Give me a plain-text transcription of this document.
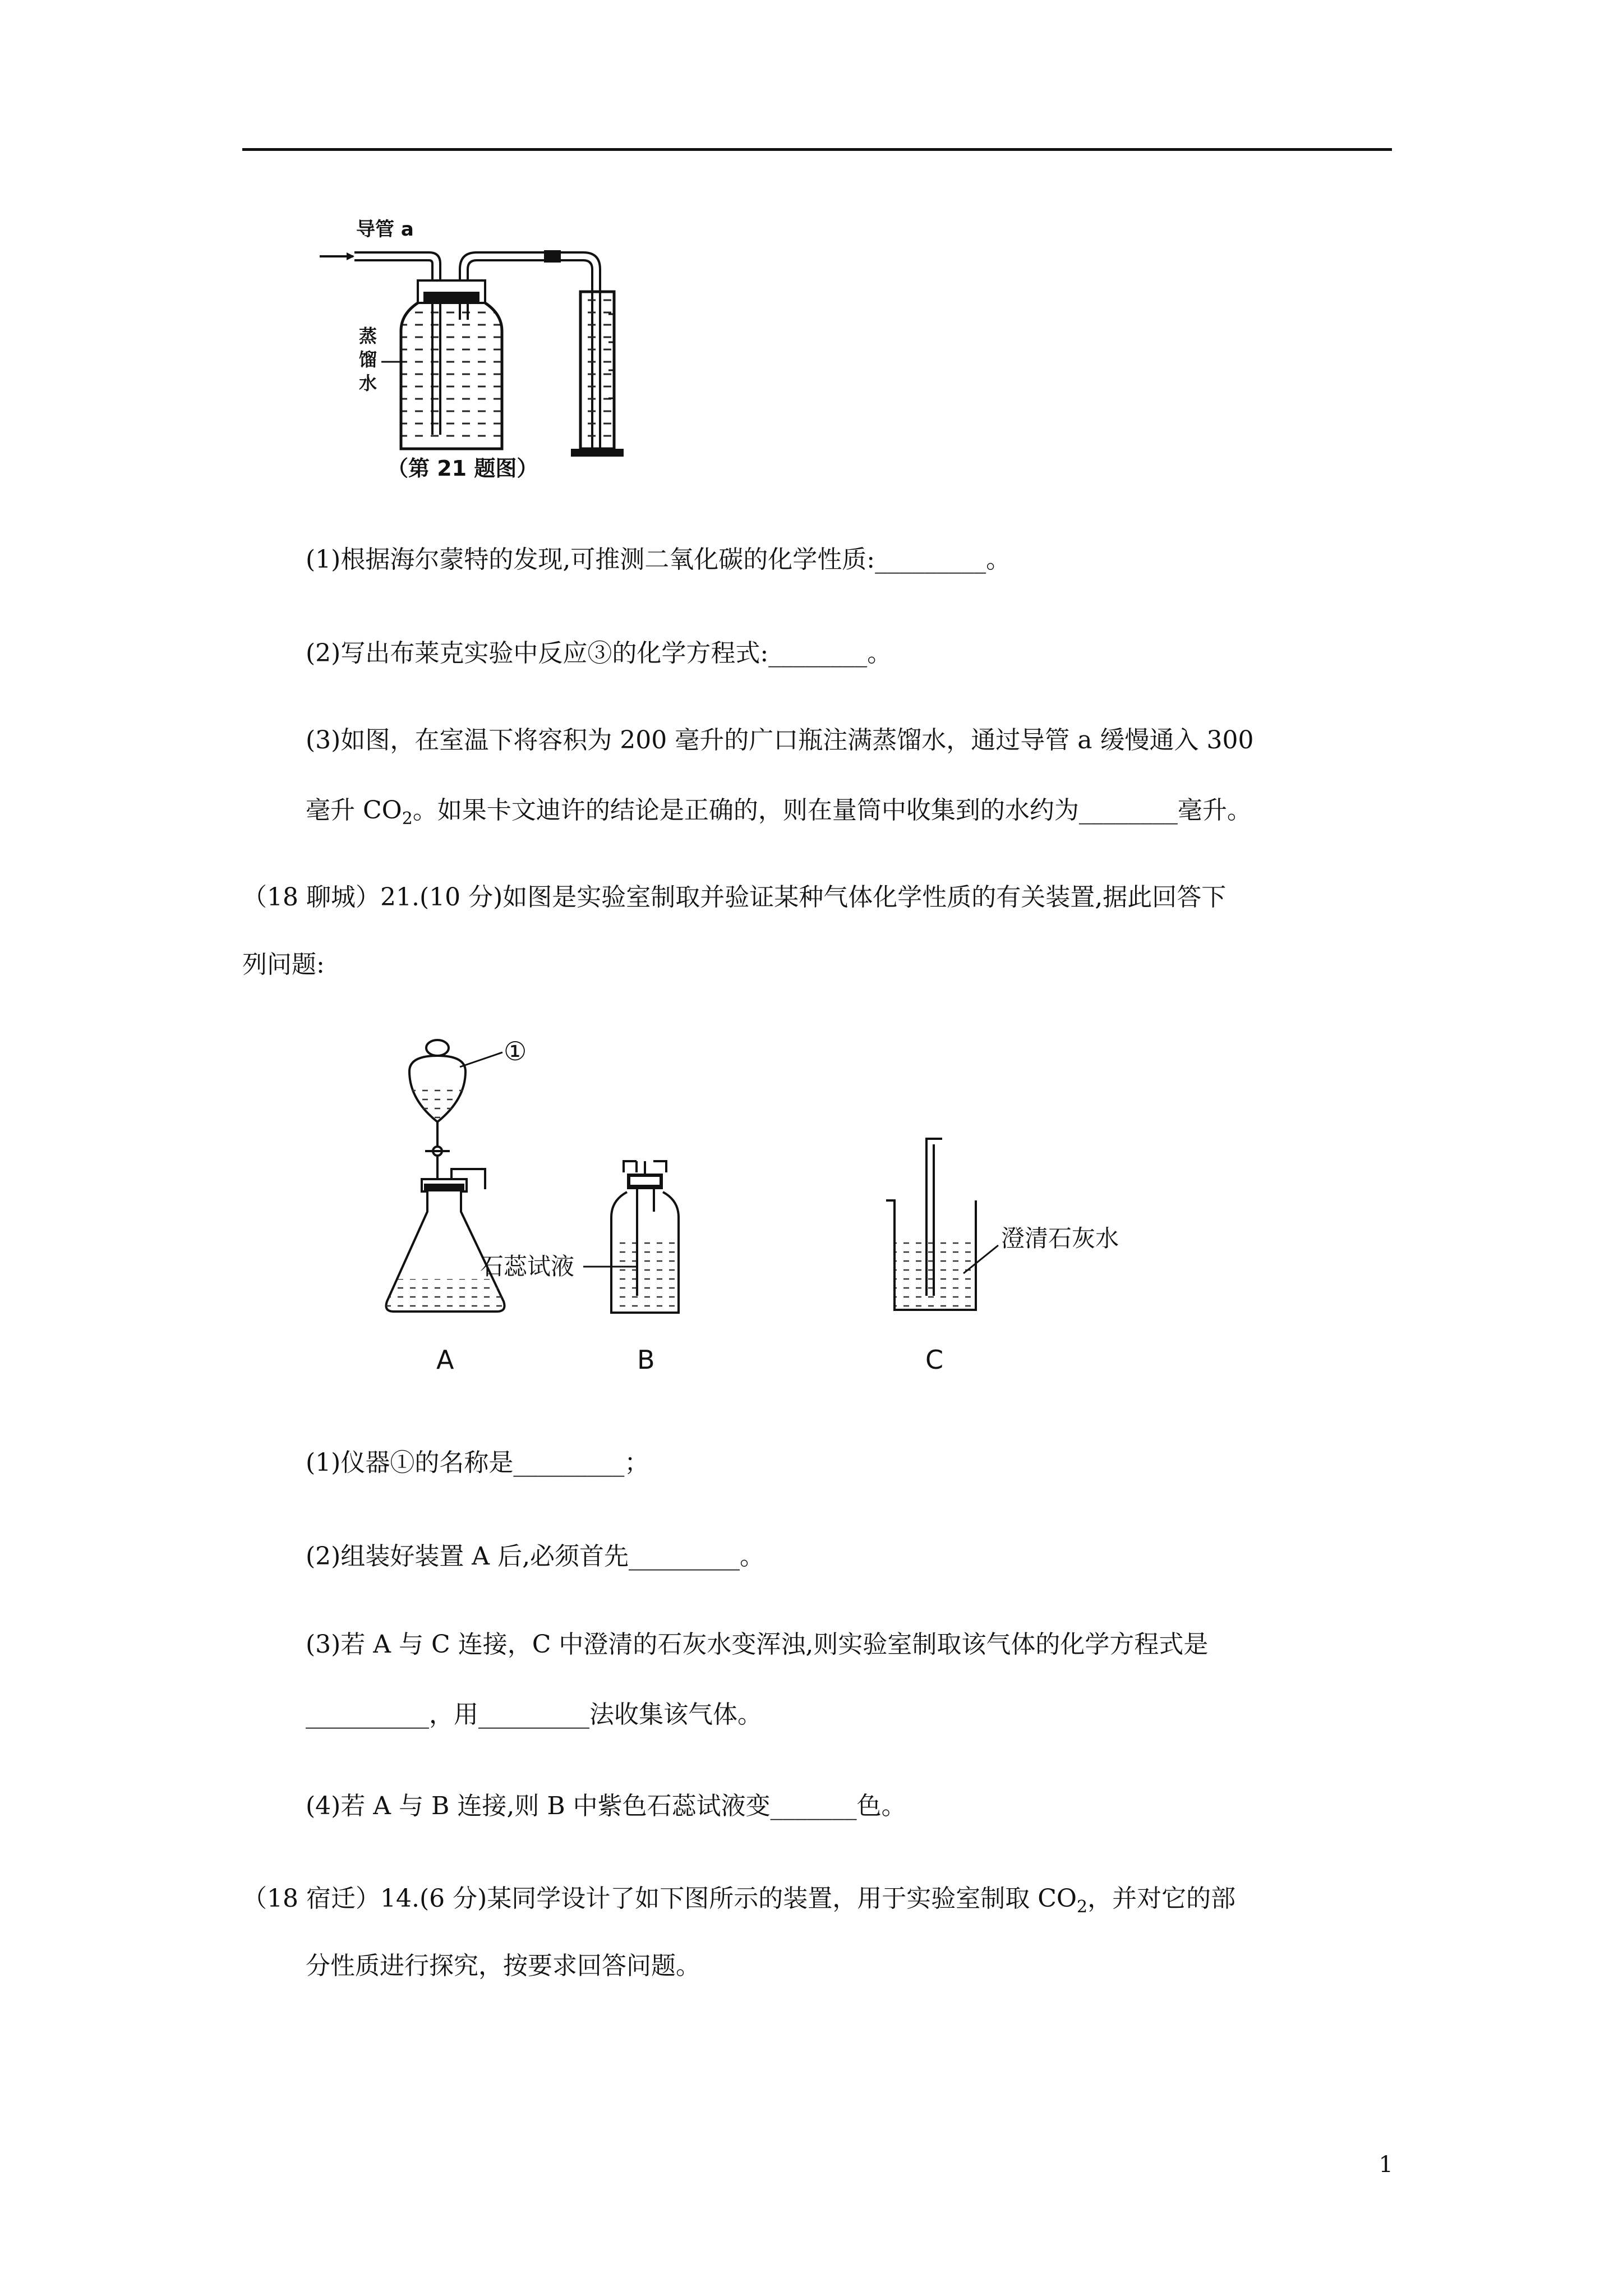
导管 a
蒸
馏
水
（第 21 题图）
(1)根据海尔蒙特的发现,可推测二氧化碳的化学性质:_________。
(2)写出布莱克实验中反应③的化学方程式:________。
(3)如图，在室温下将容积为 200 毫升的广口瓶注满蒸馏水，通过导管 a 缓慢通入 300
毫升 $CO_2$。如果卡文迪许的结论是正确的，则在量筒中收集到的水约为________毫升。
（18 聊城）21.(10 分)如图是实验室制取并验证某种气体化学性质的有关装置,据此回答下
列问题:
①
A
石蕊试液
B
澄清石灰水
C
(1)仪器①的名称是_________；
(2)组装好装置 A 后,必须首先_________。
(3)若 A 与 C 连接，C 中澄清的石灰水变浑浊,则实验室制取该气体的化学方程式是
__________，用_________法收集该气体。
(4)若 A 与 B 连接,则 B 中紫色石蕊试液变_______色。
（18 宿迁）14.(6 分)某同学设计了如下图所示的装置，用于实验室制取 $CO_2$，并对它的部
分性质进行探究，按要求回答问题。
1
